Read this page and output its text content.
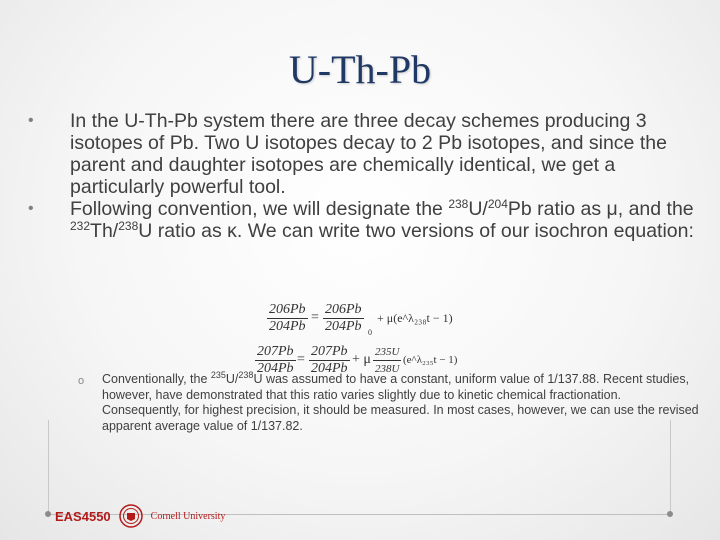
U-Th-Pb
• In the U-Th-Pb system there are three decay schemes producing 3 isotopes of Pb. Two U isotopes decay to 2 Pb isotopes, and since the parent and daughter isotopes are chemically identical, we get a particularly powerful tool.
• Following convention, we will designate the $^{238}$U/$^{204}$Pb ratio as μ, and the $^{232}$Th/$^{238}$U ratio as κ. We can write two versions of our isochron equation:
$\frac{206Pb}{204Pb} = \frac{206Pb}{204Pb} 0$
+ μ(e^λ₂₃₈t − 1)
$\frac{207Pb}{204Pb} = \frac{207Pb}{204Pb} + \mu \frac{235U}{238U}$ (e^λ₂₃₅t − 1)
o Conventionally, the $^{235}$U/$^{238}$U was assumed to have a constant, uniform value of 1/137.88. Recent studies, however, have demonstrated that this ratio varies slightly due to kinetic chemical fractionation. Consequently, for highest precision, it should be measured. In most cases, however, we can use the revised apparent average value of 1/137.82.
EAS4550	Cornell University
